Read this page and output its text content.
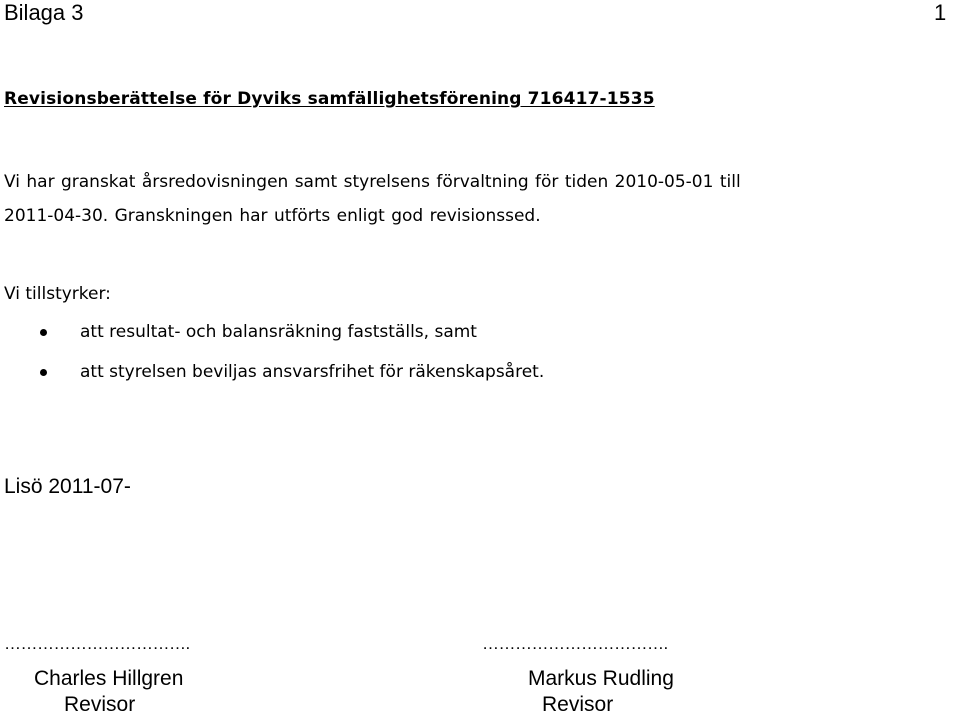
Bilaga 3	1
Revisionsberättelse för Dyviks samfällighetsförening 716417-1535
Vi har granskat årsredovisningen samt styrelsens förvaltning för tiden 2010-05-01 till
2011-04-30. Granskningen har utförts enligt god revisionssed.
Vi tillstyrker:
att resultat- och balansräkning fastställs, samt
att styrelsen beviljas ansvarsfrihet för räkenskapsåret.
Lisö 2011-07-
…………………………….
Charles Hillgren
Revisor
…………………………….
Markus Rudling
Revisor
